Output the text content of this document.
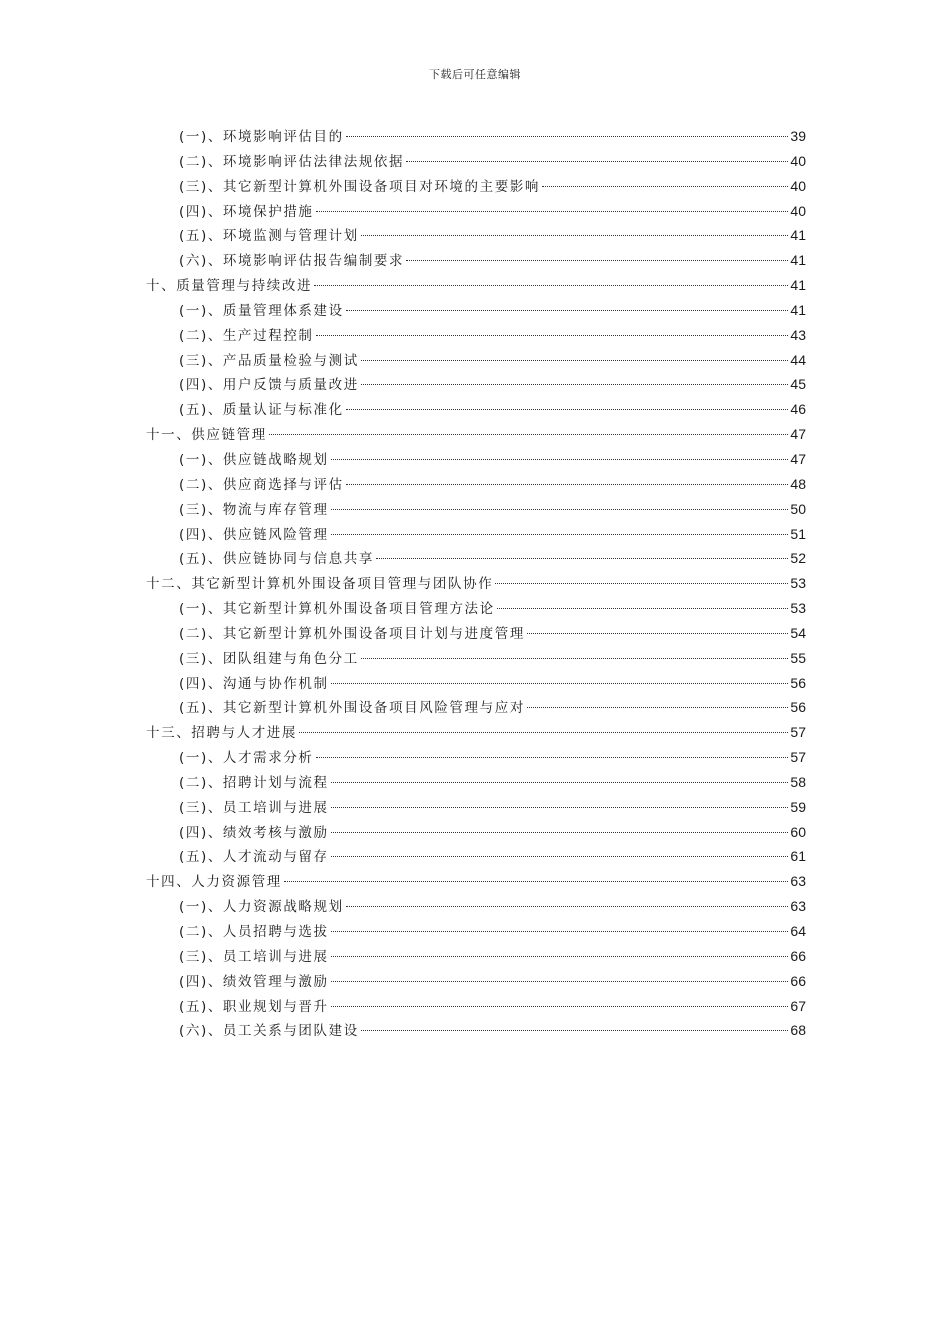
下载后可任意编辑
(一)、环境影响评估目的	39
(二)、环境影响评估法律法规依据	40
(三)、其它新型计算机外围设备项目对环境的主要影响	40
(四)、环境保护措施	40
(五)、环境监测与管理计划	41
(六)、环境影响评估报告编制要求	41
十、质量管理与持续改进	41
(一)、质量管理体系建设	41
(二)、生产过程控制	43
(三)、产品质量检验与测试	44
(四)、用户反馈与质量改进	45
(五)、质量认证与标准化	46
十一、供应链管理	47
(一)、供应链战略规划	47
(二)、供应商选择与评估	48
(三)、物流与库存管理	50
(四)、供应链风险管理	51
(五)、供应链协同与信息共享	52
十二、其它新型计算机外围设备项目管理与团队协作	53
(一)、其它新型计算机外围设备项目管理方法论	53
(二)、其它新型计算机外围设备项目计划与进度管理	54
(三)、团队组建与角色分工	55
(四)、沟通与协作机制	56
(五)、其它新型计算机外围设备项目风险管理与应对	56
十三、招聘与人才进展	57
(一)、人才需求分析	57
(二)、招聘计划与流程	58
(三)、员工培训与进展	59
(四)、绩效考核与激励	60
(五)、人才流动与留存	61
十四、人力资源管理	63
(一)、人力资源战略规划	63
(二)、人员招聘与选拔	64
(三)、员工培训与进展	66
(四)、绩效管理与激励	66
(五)、职业规划与晋升	67
(六)、员工关系与团队建设	68
